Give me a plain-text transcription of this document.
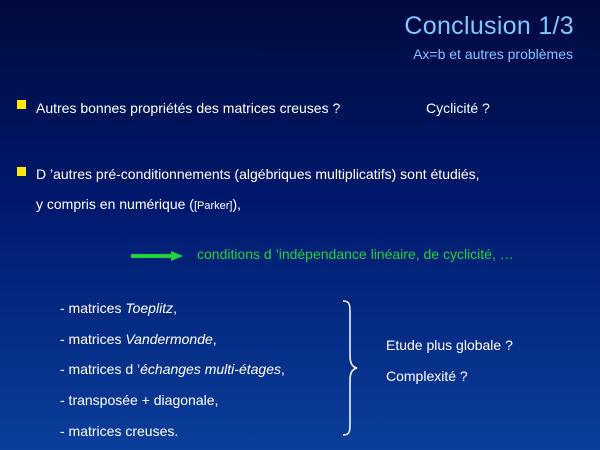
Conclusion 1/3
Ax=b et autres problèmes
Autres bonnes propriétés des matrices creuses ?	Cyclicité ?
D ’autres pré-conditionnements (algébriques multiplicatifs) sont étudiés,
y compris en numérique ([Parker]),
conditions d ’indépendance linéaire, de cyclicité, …
- matrices Toeplitz,
- matrices Vandermonde,
- matrices d ’échanges multi-étages,
- transposée + diagonale,
- matrices creuses.
Etude plus globale ?
Complexité ?
